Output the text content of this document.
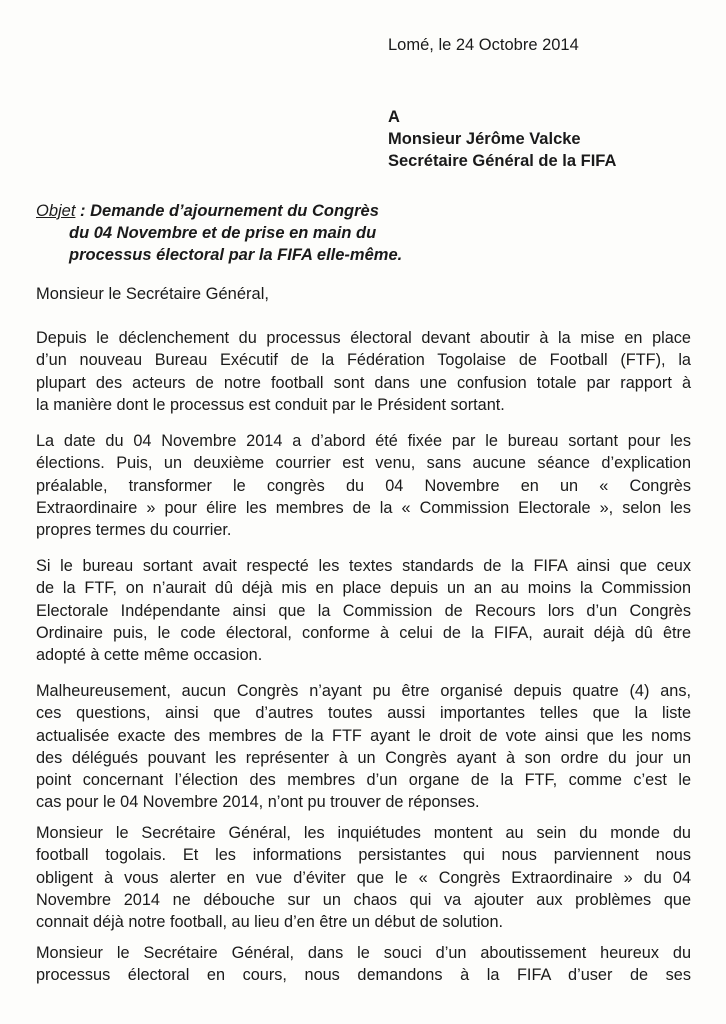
Lomé, le 24 Octobre 2014
A
Monsieur Jérôme Valcke
Secrétaire Général de la FIFA
Objet : Demande d’ajournement du Congrès
du 04 Novembre et de prise en main du
processus électoral par la FIFA elle-même.
Monsieur le Secrétaire Général,
Depuis le déclenchement du processus électoral devant aboutir à la mise en place
d’un nouveau Bureau Exécutif de la Fédération Togolaise de Football (FTF), la
plupart des acteurs de notre football sont dans une confusion totale par rapport à
la manière dont le processus est conduit par le Président sortant.
La date du 04 Novembre 2014 a d’abord été fixée par le bureau sortant pour les
élections. Puis, un deuxième courrier est venu, sans aucune séance d’explication
préalable, transformer le congrès du 04 Novembre en un « Congrès
Extraordinaire » pour élire les membres de la « Commission Electorale », selon les
propres termes du courrier.
Si le bureau sortant avait respecté les textes standards de la FIFA ainsi que ceux
de la FTF, on n’aurait dû déjà mis en place depuis un an au moins la Commission
Electorale Indépendante ainsi que la Commission de Recours lors d’un Congrès
Ordinaire puis, le code électoral, conforme à celui de la FIFA, aurait déjà dû être
adopté à cette même occasion.
Malheureusement, aucun Congrès n’ayant pu être organisé depuis quatre (4) ans,
ces questions, ainsi que d’autres toutes aussi importantes telles que la liste
actualisée exacte des membres de la FTF ayant le droit de vote ainsi que les noms
des délégués pouvant les représenter à un Congrès ayant à son ordre du jour un
point concernant l’élection des membres d’un organe de la FTF, comme c’est le
cas pour le 04 Novembre 2014, n’ont pu trouver de réponses.
Monsieur le Secrétaire Général, les inquiétudes montent au sein du monde du
football togolais. Et les informations persistantes qui nous parviennent nous
obligent à vous alerter en vue d’éviter que le « Congrès Extraordinaire » du 04
Novembre 2014 ne débouche sur un chaos qui va ajouter aux problèmes que
connait déjà notre football, au lieu d’en être un début de solution.
Monsieur le Secrétaire Général, dans le souci d’un aboutissement heureux du
processus électoral en cours, nous demandons à la FIFA d’user de ses
